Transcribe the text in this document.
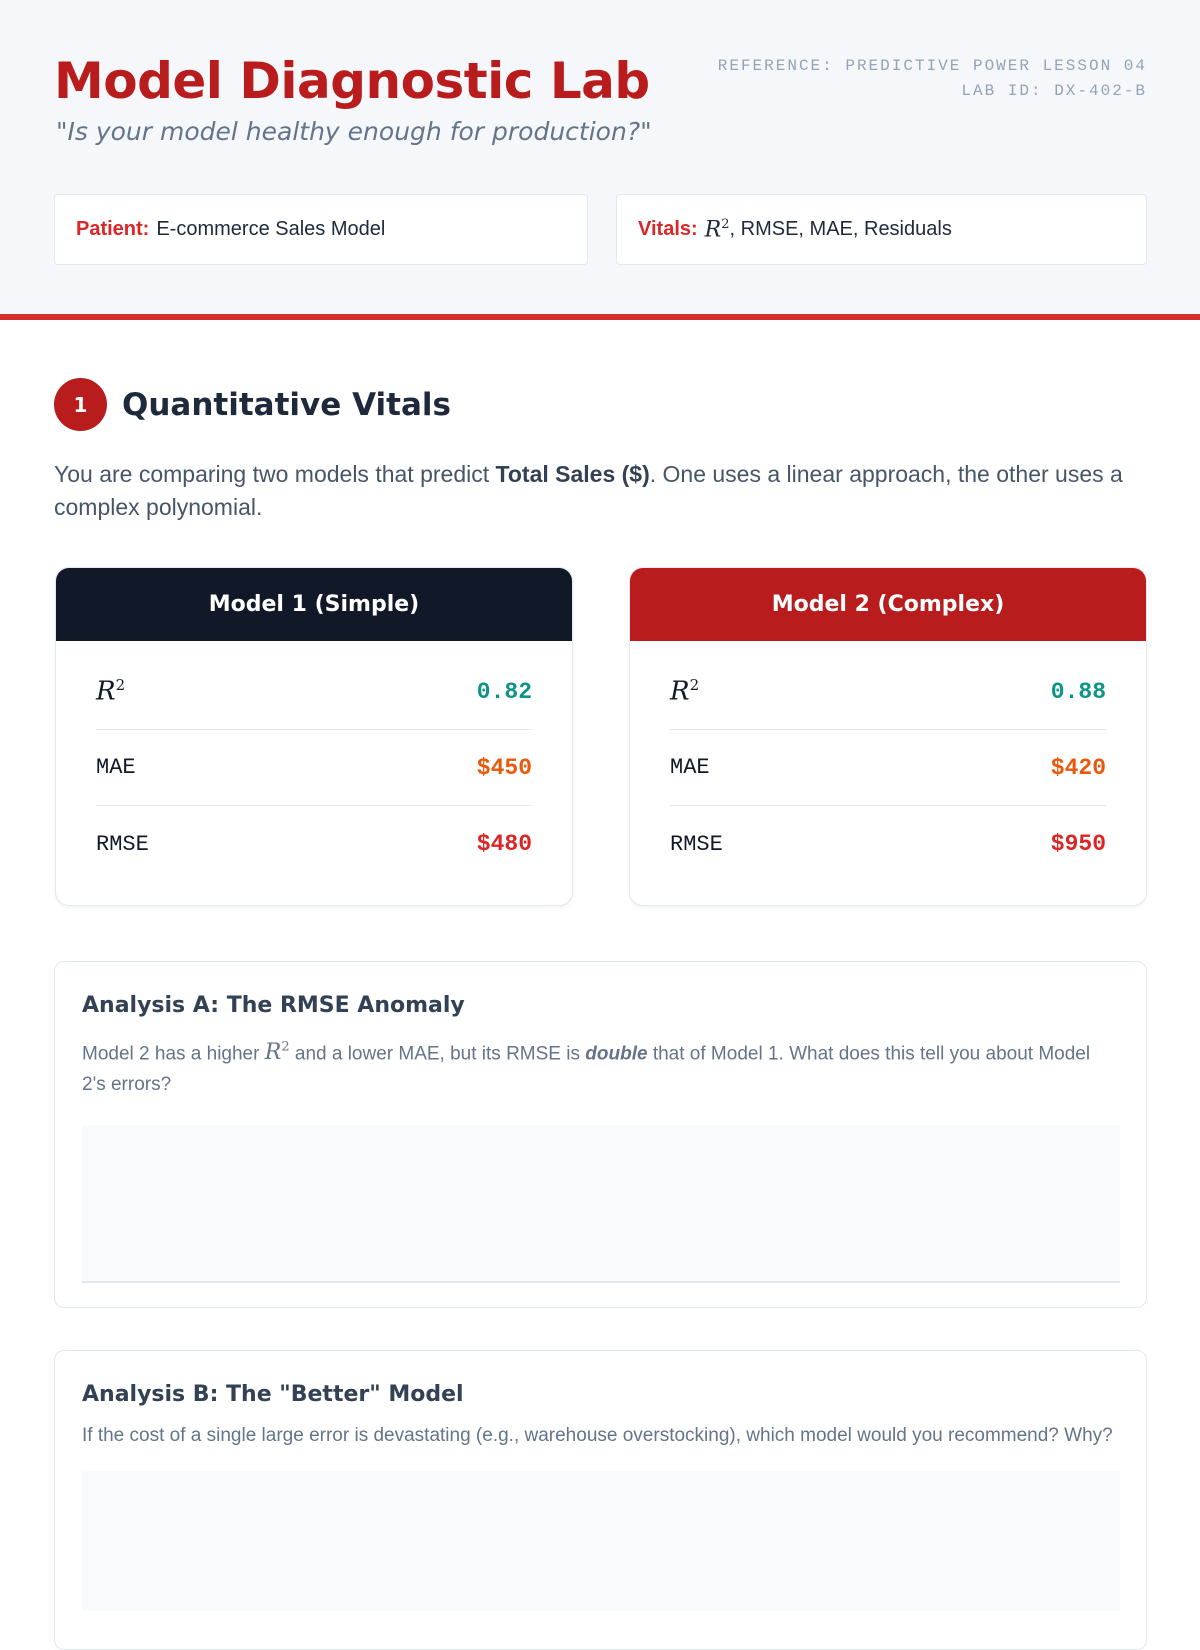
Model Diagnostic Lab
"Is your model healthy enough for production?"
REFERENCE: PREDICTIVE POWER LESSON 04
LAB ID: DX-402-B
Patient: E-commerce Sales Model	Vitals: $R^2$ , RMSE, MAE, Residuals
1	Quantitative Vitals

You are comparing two models that predict Total Sales ($). One uses a linear approach, the other uses a complex polynomial.

Model 1 (Simple)
$R^2$	0.82
MAE	$450
RMSE	$480
Model 2 (Complex)
$R^2$	0.88
MAE	$420
RMSE	$950
Analysis A: The RMSE Anomaly

Model 2 has a higher $R^2$ and a lower MAE, but its RMSE is double that of Model 1. What does this tell you about Model 2's errors?

Analysis B: The "Better" Model

If the cost of a single large error is devastating (e.g., warehouse overstocking), which model would you recommend? Why?
